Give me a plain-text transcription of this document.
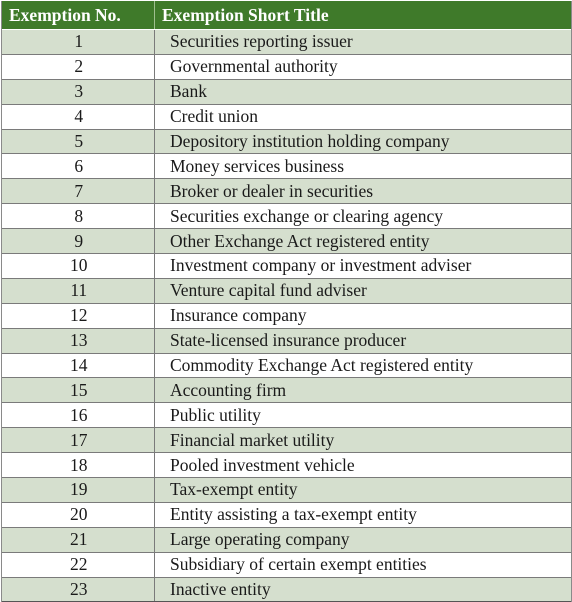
Exemption No.	Exemption Short Title
1	Securities reporting issuer
2	Governmental authority
3	Bank
4	Credit union
5	Depository institution holding company
6	Money services business
7	Broker or dealer in securities
8	Securities exchange or clearing agency
9	Other Exchange Act registered entity
10	Investment company or investment adviser
11	Venture capital fund adviser
12	Insurance company
13	State-licensed insurance producer
14	Commodity Exchange Act registered entity
15	Accounting firm
16	Public utility
17	Financial market utility
18	Pooled investment vehicle
19	Tax-exempt entity
20	Entity assisting a tax-exempt entity
21	Large operating company
22	Subsidiary of certain exempt entities
23	Inactive entity
